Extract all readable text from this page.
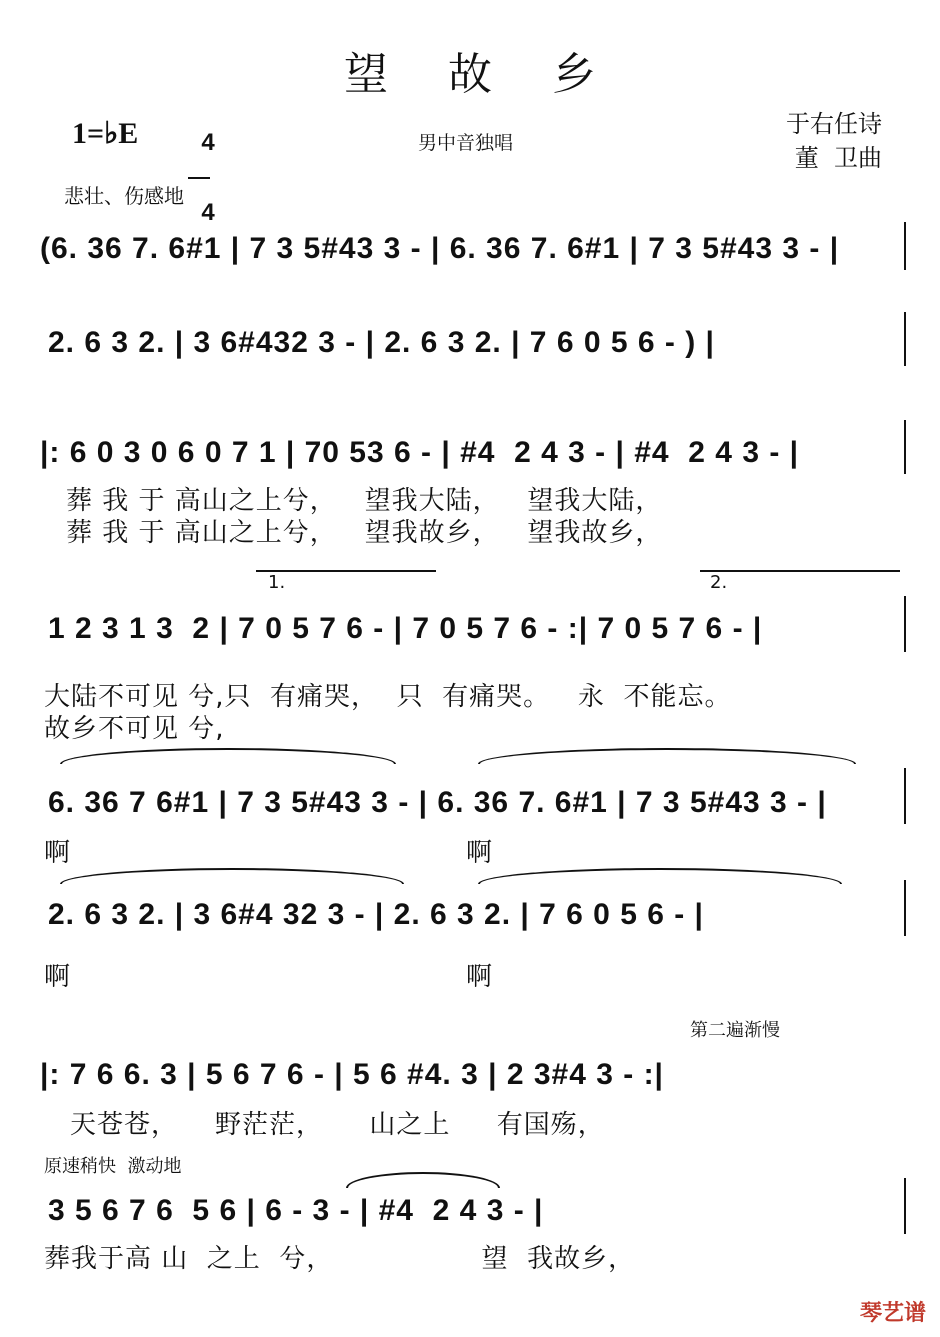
望故乡
1=♭E	4

4

男中音独唱
于右任诗
董  卫曲
悲壮、伤感地
(6. 36 7. 6#1 | 7 3 5#43 3 - | 6. 36 7. 6#1 | 7 3 5#43 3 - |
2. 6 3 2. | 3 6#432 3 - | 2. 6 3 2. | 7 6 0 5 6 - ) |
|: 6 0 3 0 6 0 7 1 | 70 53 6 - | #4  2 4 3 - | #4  2 4 3 - |
葬 我 于 高山之上兮，   望我大陆，   望我大陆，
葬 我 于 高山之上兮，   望我故乡，   望我故乡，
1.	2.
1 2 3 1 3  2 | 7 0 5 7 6 - | 7 0 5 7 6 - :| 7 0 5 7 6 - |
大陆不可见 兮,只  有痛哭，  只  有痛哭。   永  不能忘。
故乡不可见 兮,
6. 36 7 6#1 | 7 3 5#43 3 - | 6. 36 7. 6#1 | 7 3 5#43 3 - |
啊	啊
2. 6 3 2. | 3 6#4 32 3 - | 2. 6 3 2. | 7 6 0 5 6 - |
啊	啊
第二遍渐慢
|: 7 6 6. 3 | 5 6 7 6 - | 5 6 #4. 3 | 2 3#4 3 - :|
天苍苍，    野茫茫，     山之上     有国殇，
原速稍快  激动地
3 5 6 7 6  5 6 | 6 - 3 - | #4  2 4 3 - |
葬我于高 山  之上  兮，                望  我故乡，
琴艺谱
